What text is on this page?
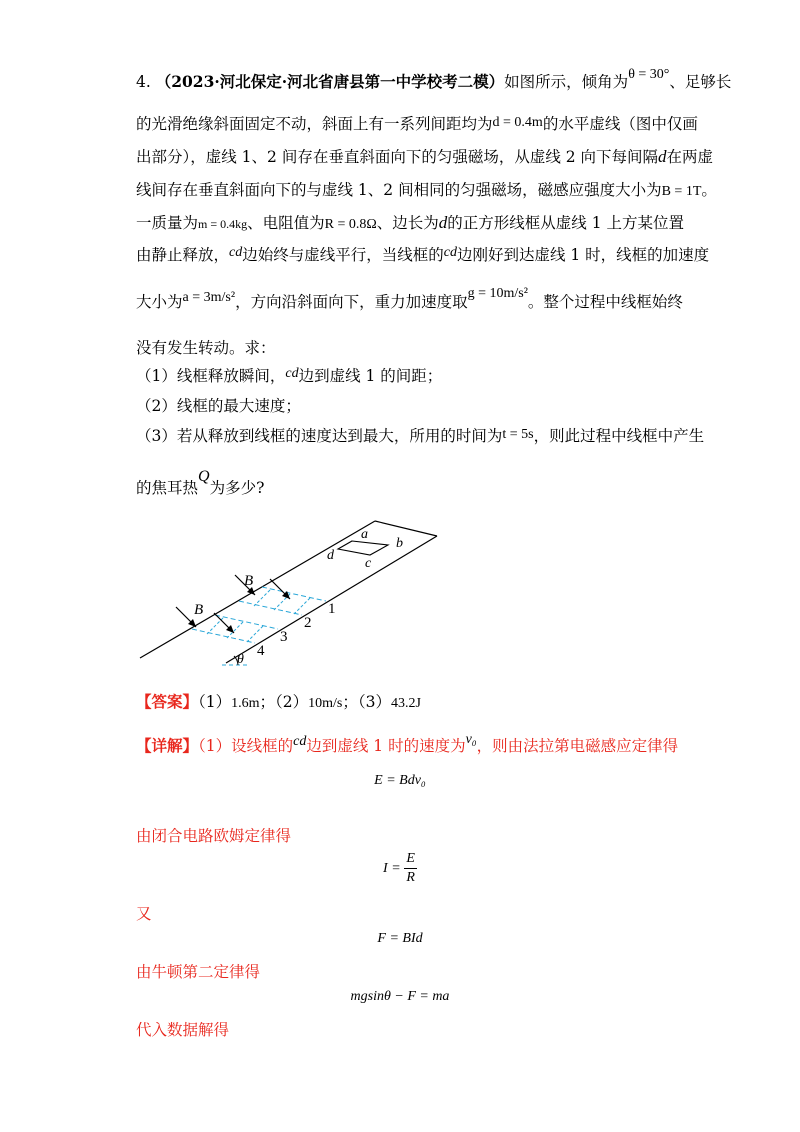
4. （2023·河北保定·河北省唐县第一中学校考二模）如图所示，倾角为θ = 30°、足够长
的光滑绝缘斜面固定不动，斜面上有一系列间距均为d = 0.4m的水平虚线（图中仅画
出部分），虚线 1、2 间存在垂直斜面向下的匀强磁场，从虚线 2 向下每间隔d在两虚
线间存在垂直斜面向下的与虚线 1、2 间相同的匀强磁场，磁感应强度大小为B = 1T。
一质量为m = 0.4kg、电阻值为R = 0.8Ω、边长为d的正方形线框从虚线 1 上方某位置
由静止释放，cd边始终与虚线平行，当线框的cd边刚好到达虚线 1 时，线框的加速度
大小为a = 3m/s²，方向沿斜面向下，重力加速度取g = 10m/s²。整个过程中线框始终
没有发生转动。求：
（1）线框释放瞬间，cd边到虚线 1 的间距；
（2）线框的最大速度；
（3）若从释放到线框的速度达到最大，所用的时间为t = 5s，则此过程中线框中产生
的焦耳热Q为多少?
a
b
c
d
1
2
3
4
θ
B
B
【答案】（1）1.6m；（2）10m/s；（3）43.2J
【详解】（1）设线框的cd边到虚线 1 时的速度为v₀，则由法拉第电磁感应定律得
E = Bdv₀
由闭合电路欧姆定律得
$I = \frac{E}{R}$
又
F = BId
由牛顿第二定律得
mgsinθ − F = ma
代入数据解得
